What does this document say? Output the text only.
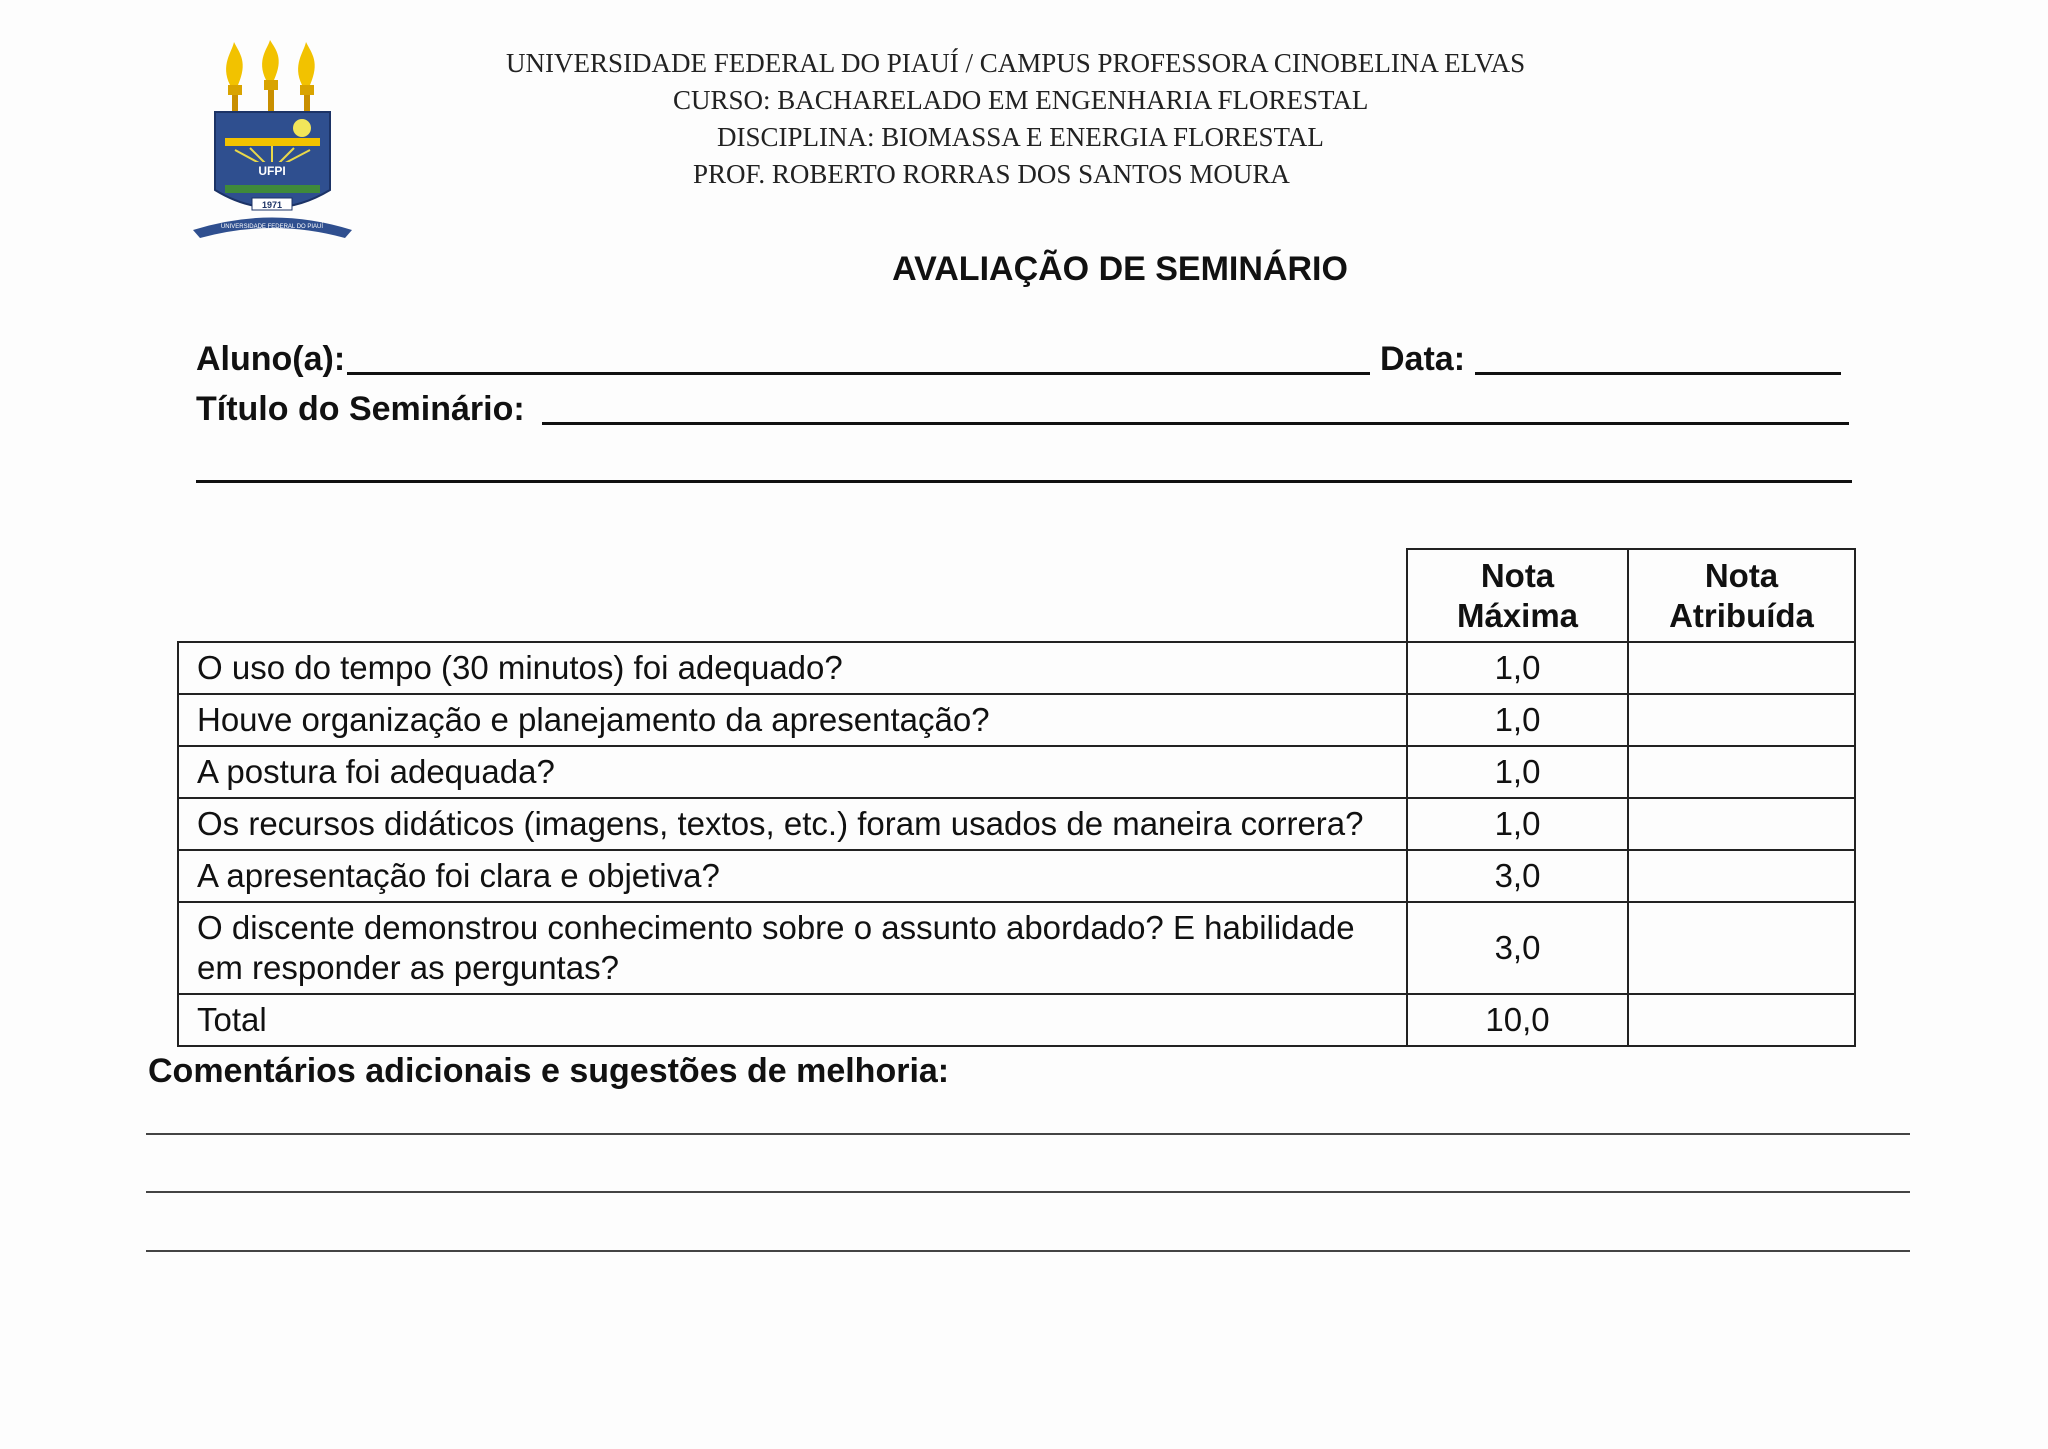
UNIVERSIDADE FEDERAL DO PIAUÍ / CAMPUS PROFESSORA CINOBELINA ELVAS
CURSO: BACHARELADO EM ENGENHARIA FLORESTAL
DISCIPLINA: BIOMASSA E ENERGIA FLORESTAL
PROF. ROBERTO RORRAS DOS SANTOS MOURA
UFPI
1971
UNIVERSIDADE FEDERAL DO PIAUÍ
AVALIAÇÃO DE SEMINÁRIO
Aluno(a):	Data:
Título do Seminário:
	Nota Máxima	Nota Atribuída
O uso do tempo (30 minutos) foi adequado?	1,0	
Houve organização e planejamento da apresentação?	1,0	
A postura foi adequada?	1,0	
Os recursos didáticos (imagens, textos, etc.) foram usados de maneira correra?	1,0	
A apresentação foi clara e objetiva?	3,0	
O discente demonstrou conhecimento sobre o assunto abordado? E habilidade em responder as perguntas?	3,0	
Total	10,0	
Comentários adicionais e sugestões de melhoria:
